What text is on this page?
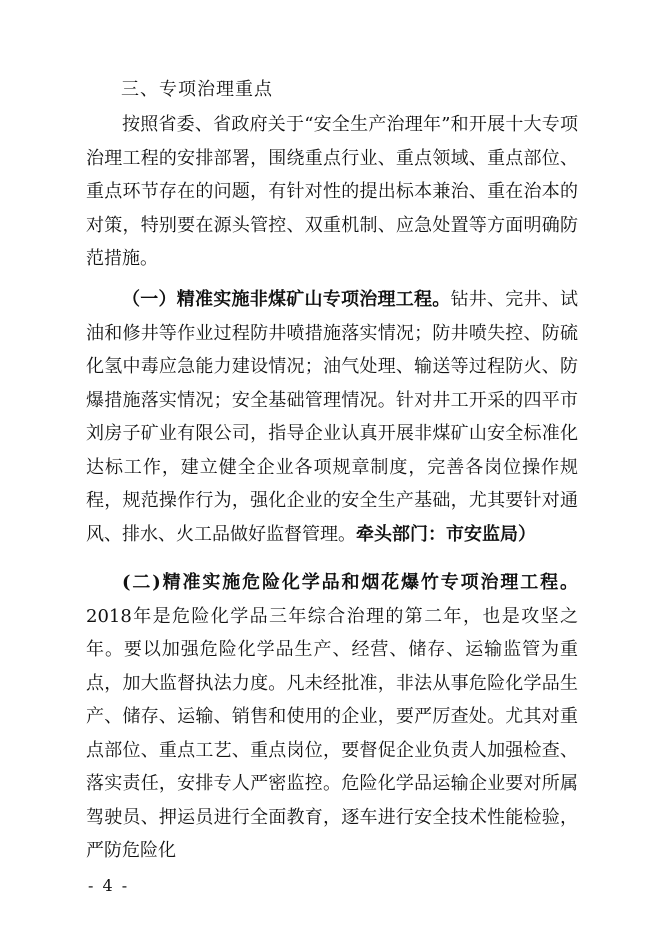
三、专项治理重点

按照省委、省政府关于“安全生产治理年”和开展十大专项治理工程的安排部署，围绕重点行业、重点领域、重点部位、重点环节存在的问题，有针对性的提出标本兼治、重在治本的对策，特别要在源头管控、双重机制、应急处置等方面明确防范措施。

（一）精准实施非煤矿山专项治理工程。钻井、完井、试油和修井等作业过程防井喷措施落实情况；防井喷失控、防硫化氢中毒应急能力建设情况；油气处理、输送等过程防火、防爆措施落实情况；安全基础管理情况。针对井工开采的四平市刘房子矿业有限公司，指导企业认真开展非煤矿山安全标准化达标工作，建立健全企业各项规章制度，完善各岗位操作规程，规范操作行为，强化企业的安全生产基础，尤其要针对通风、排水、火工品做好监督管理。牵头部门：市安监局）

(二)精准实施危险化学品和烟花爆竹专项治理工程。2018年是危险化学品三年综合治理的第二年，也是攻坚之年。要以加强危险化学品生产、经营、储存、运输监管为重点，加大监督执法力度。凡未经批准，非法从事危险化学品生产、储存、运输、销售和使用的企业，要严厉查处。尤其对重点部位、重点工艺、重点岗位，要督促企业负责人加强检查、落实责任，安排专人严密监控。危险化学品运输企业要对所属驾驶员、押运员进行全面教育，逐车进行安全技术性能检验，严防危险化

- 4 -
